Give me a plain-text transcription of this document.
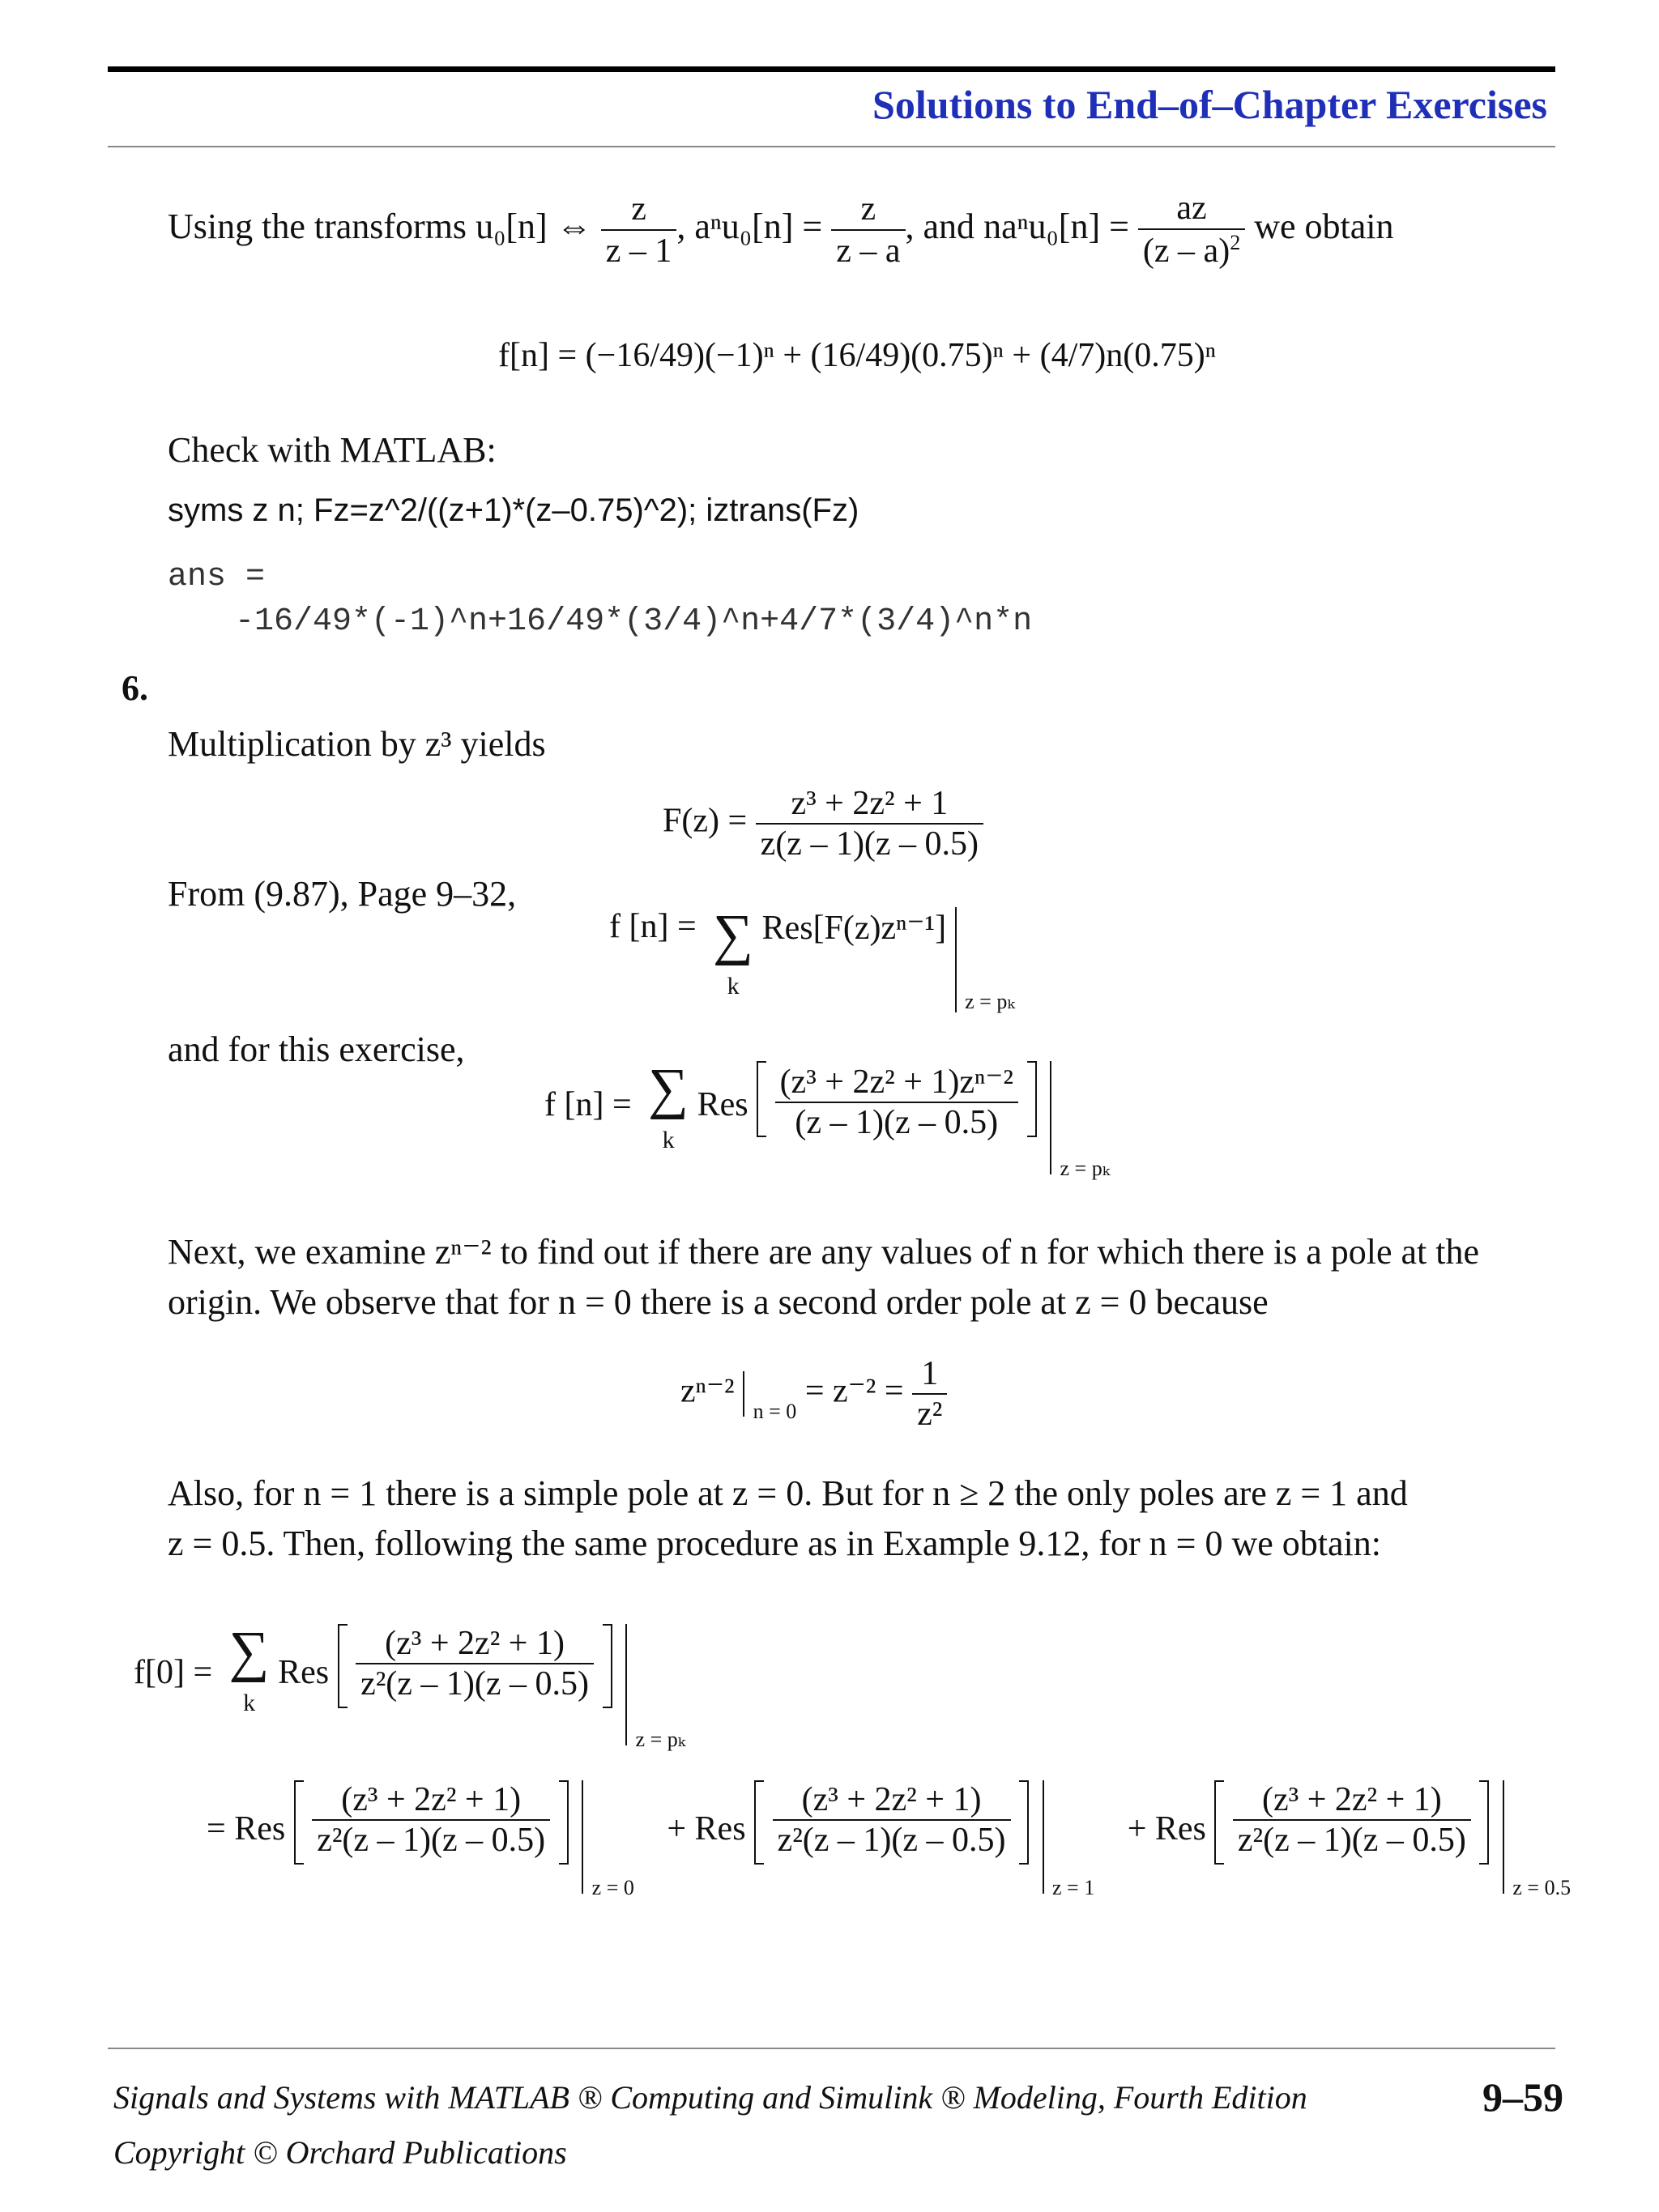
Solutions to End–of–Chapter Exercises
Using the transforms u₀[n] ⇔ $\frac{z}{z - 1}$ , $a^nu_0[n] = \frac{z}{z - a}$ , and $na^nu_0[n] = \frac{az}{(z - a)^2}$ we obtain
f[n] = (−16/49)(−1)ⁿ + (16/49)(0.75)ⁿ + (4/7)n(0.75)ⁿ
Check with MATLAB:
syms z n; Fz=z^2/((z+1)*(z–0.75)^2); iztrans(Fz)
ans =
-16/49*(-1)^n+16/49*(3/4)^n+4/7*(3/4)^n*n
6.
Multiplication by z³ yields
$F(z) = \frac{\text{z³ + 2z² + 1}}{z(z - 1)(z - 0.5)}$
From (9.87), Page 9–32,
f [n] = ∑
k Res[F(z)zⁿ⁻¹]  $_{z = p_k}$
and for this exercise,
f [n] = ∑
k Res $\frac{\text{(z³ + 2z² + 1)zⁿ⁻²}}{(z - 1)(z - 0.5)}$
$_{z = p_k}$
Next, we examine zⁿ⁻² to find out if there are any values of n for which there is a pole at the
origin. We observe that for n = 0 there is a second order pole at z = 0 because
zⁿ⁻²  $_{n = 0} = z^{-2} = \frac{1}{\text{z²}}$
Also, for n = 1 there is a simple pole at z = 0. But for n ≥ 2 the only poles are z = 1 and
z = 0.5. Then, following the same procedure as in Example 9.12, for n = 0 we obtain:
f[0] = ∑
k Res $\frac{\text{(z³ + 2z² + 1)}}{\text{z²(z – 1)(z – 0.5)}}$
$_{z = p_k}$
= Res $\frac{\text{(z³ + 2z² + 1)}}{\text{z²(z – 1)(z – 0.5)}}$
$_{z = 0}$ + Res $\frac{\text{(z³ + 2z² + 1)}}{\text{z²(z – 1)(z – 0.5)}}$
$_{z = 1}$ + Res $\frac{\text{(z³ + 2z² + 1)}}{\text{z²(z – 1)(z – 0.5)}}$
$_{z = 0.5}$
Signals and Systems with MATLAB ® Computing and Simulink ® Modeling, Fourth Edition	9–59
Copyright © Orchard Publications
